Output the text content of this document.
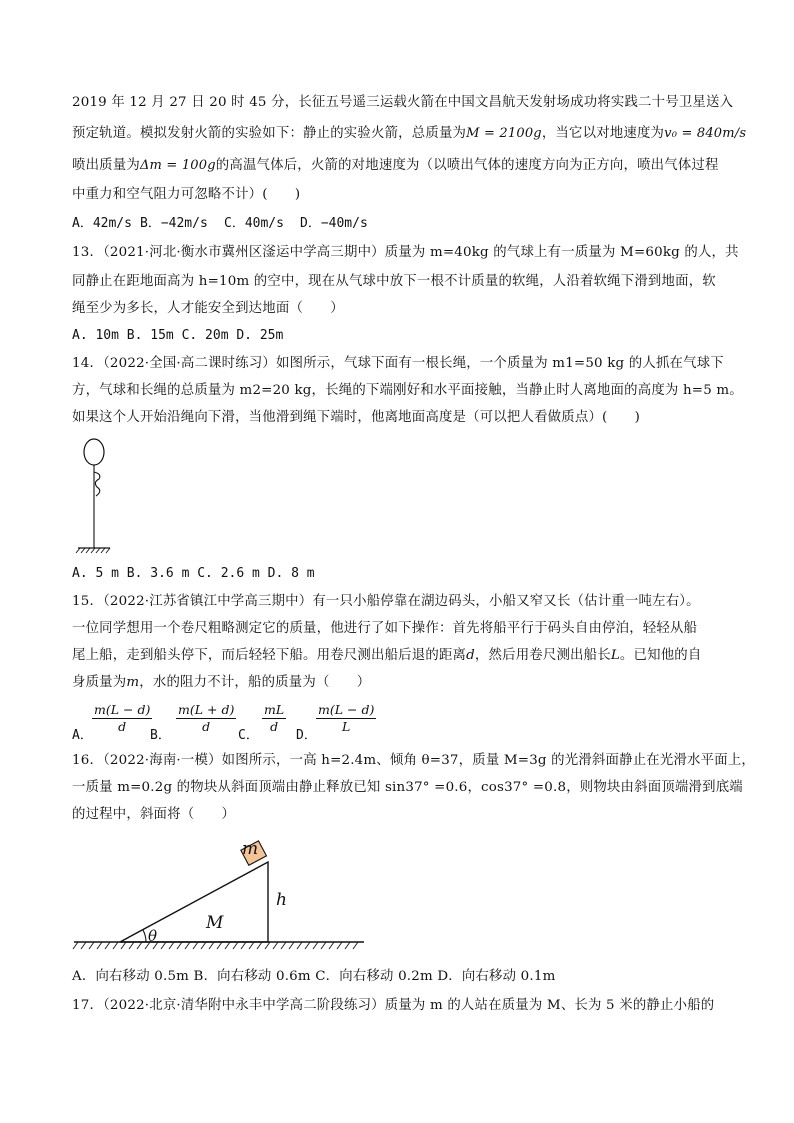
2019 年 12 月 27 日 20 时 45 分，长征五号遥三运载火箭在中国文昌航天发射场成功将实践二十号卫星送入
预定轨道。模拟发射火箭的实验如下：静止的实验火箭，总质量为M = 2100g，当它以对地速度为v₀ = 840m/s
喷出质量为Δm = 100g的高温气体后，火箭的对地速度为（以喷出气体的速度方向为正方向，喷出气体过程
中重力和空气阻力可忽略不计）(　　)
A．42m/s B．−42m/s C．40m/s D．−40m/s
13．（2021·河北·衡水市冀州区滏运中学高三期中）质量为 m=40kg 的气球上有一质量为 M=60kg 的人，共
同静止在距地面高为 h=10m 的空中，现在从气球中放下一根不计质量的软绳，人沿着软绳下滑到地面，软
绳至少为多长，人才能安全到达地面（　　）
A. 10m B. 15m C. 20m D. 25m
14．（2022·全国·高二课时练习）如图所示，气球下面有一根长绳，一个质量为 m1=50 kg 的人抓在气球下
方，气球和长绳的总质量为 m2=20 kg，长绳的下端刚好和水平面接触，当静止时人离地面的高度为 h=5 m。
如果这个人开始沿绳向下滑，当他滑到绳下端时，他离地面高度是（可以把人看做质点）(　　)
A. 5 m B. 3.6 m C. 2.6 m D. 8 m
15．（2022·江苏省镇江中学高三期中）有一只小船停靠在湖边码头，小船又窄又长（估计重一吨左右）。
一位同学想用一个卷尺粗略测定它的质量，他进行了如下操作：首先将船平行于码头自由停泊，轻轻从船
尾上船，走到船头停下，而后轻轻下船。用卷尺测出船后退的距离d，然后用卷尺测出船长L。已知他的自
身质量为m，水的阻力不计，船的质量为（　　）
$\frac{m(L - d)}{d}$
A．	B．
$\frac{m(L + d)}{d}$
C．
$\frac{mL}{d}$
D．
$\frac{m(L - d)}{L}$
16．（2022·海南·一模）如图所示，一高 h=2.4m、倾角 θ=37，质量 M=3g 的光滑斜面静止在光滑水平面上，
一质量 m=0.2g 的物块从斜面顶端由静止释放已知 sin37° =0.6，cos37° =0.8，则物块由斜面顶端滑到底端
的过程中，斜面将（　　）
m
h
M
θ
A．向右移动 0.5m B．向右移动 0.6m C．向右移动 0.2m D．向右移动 0.1m
17．（2022·北京·清华附中永丰中学高二阶段练习）质量为 m 的人站在质量为 M、长为 5 米的静止小船的
